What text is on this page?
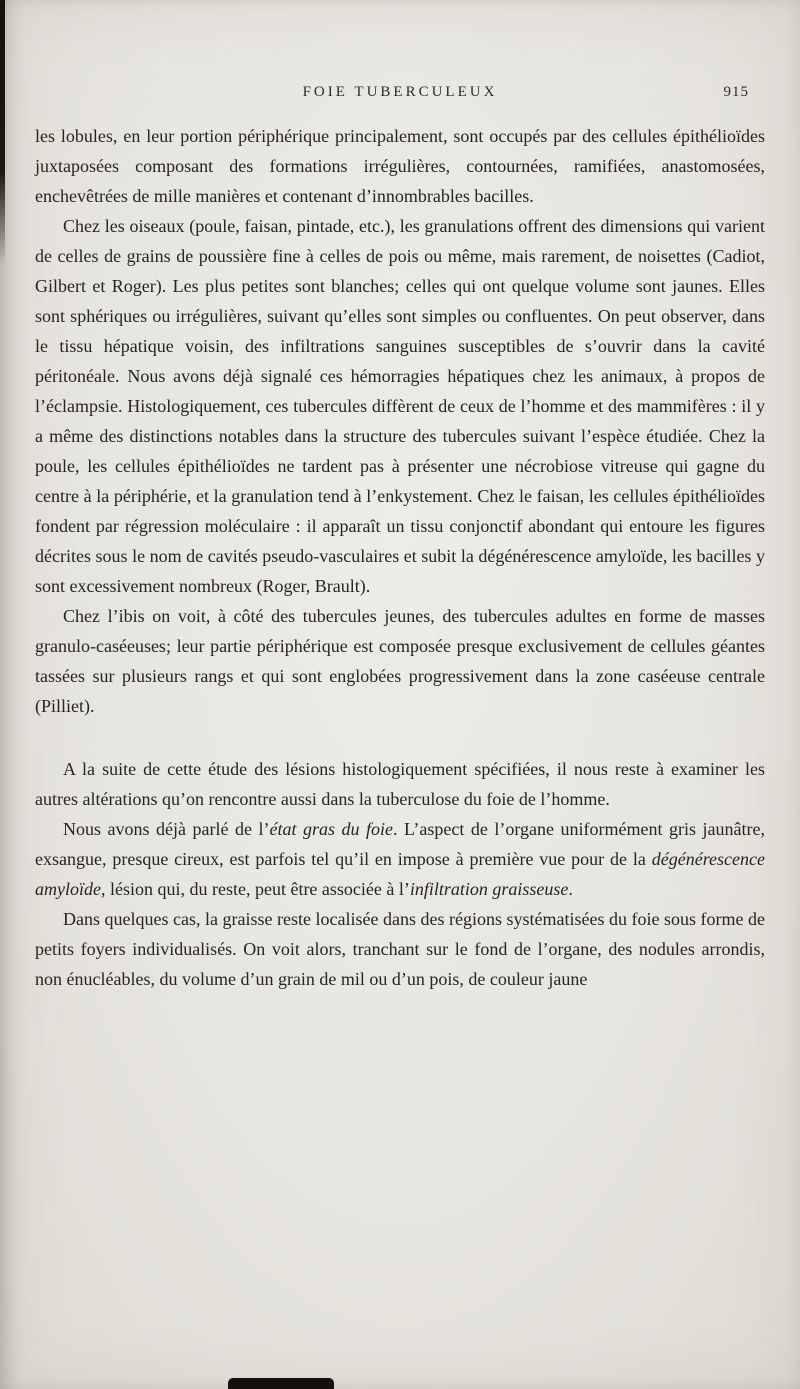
FOIE TUBERCULEUX	915

les lobules, en leur portion périphérique principalement, sont occupés par des cellules épithélioïdes juxtaposées composant des formations irrégulières, contournées, ramifiées, anastomosées, enchevêtrées de mille manières et contenant d’innombrables bacilles.

Chez les oiseaux (poule, faisan, pintade, etc.), les granulations offrent des dimensions qui varient de celles de grains de poussière fine à celles de pois ou même, mais rarement, de noisettes (Cadiot, Gilbert et Roger). Les plus petites sont blanches; celles qui ont quelque volume sont jaunes. Elles sont sphériques ou irrégulières, suivant qu’elles sont simples ou confluentes. On peut observer, dans le tissu hépatique voisin, des infiltrations sanguines susceptibles de s’ouvrir dans la cavité péritonéale. Nous avons déjà signalé ces hémorragies hépatiques chez les animaux, à propos de l’éclampsie. Histologiquement, ces tubercules diffèrent de ceux de l’homme et des mammifères : il y a même des distinctions notables dans la structure des tubercules suivant l’espèce étudiée. Chez la poule, les cellules épithélioïdes ne tardent pas à présenter une nécrobiose vitreuse qui gagne du centre à la périphérie, et la granulation tend à l’enkystement. Chez le faisan, les cellules épithélioïdes fondent par régression moléculaire : il apparaît un tissu conjonctif abondant qui entoure les figures décrites sous le nom de cavités pseudo-vasculaires et subit la dégénérescence amyloïde, les bacilles y sont excessivement nombreux (Roger, Brault).

Chez l’ibis on voit, à côté des tubercules jeunes, des tubercules adultes en forme de masses granulo-caséeuses; leur partie périphérique est composée presque exclusivement de cellules géantes tassées sur plusieurs rangs et qui sont englobées progressivement dans la zone caséeuse centrale (Pilliet).

A la suite de cette étude des lésions histologiquement spécifiées, il nous reste à examiner les autres altérations qu’on rencontre aussi dans la tuberculose du foie de l’homme.

Nous avons déjà parlé de l’état gras du foie. L’aspect de l’organe uniformément gris jaunâtre, exsangue, presque cireux, est parfois tel qu’il en impose à première vue pour de la dégénérescence amyloïde, lésion qui, du reste, peut être associée à l’infiltration graisseuse.

Dans quelques cas, la graisse reste localisée dans des régions systématisées du foie sous forme de petits foyers individualisés. On voit alors, tranchant sur le fond de l’organe, des nodules arrondis, non énucléables, du volume d’un grain de mil ou d’un pois, de couleur jaune
